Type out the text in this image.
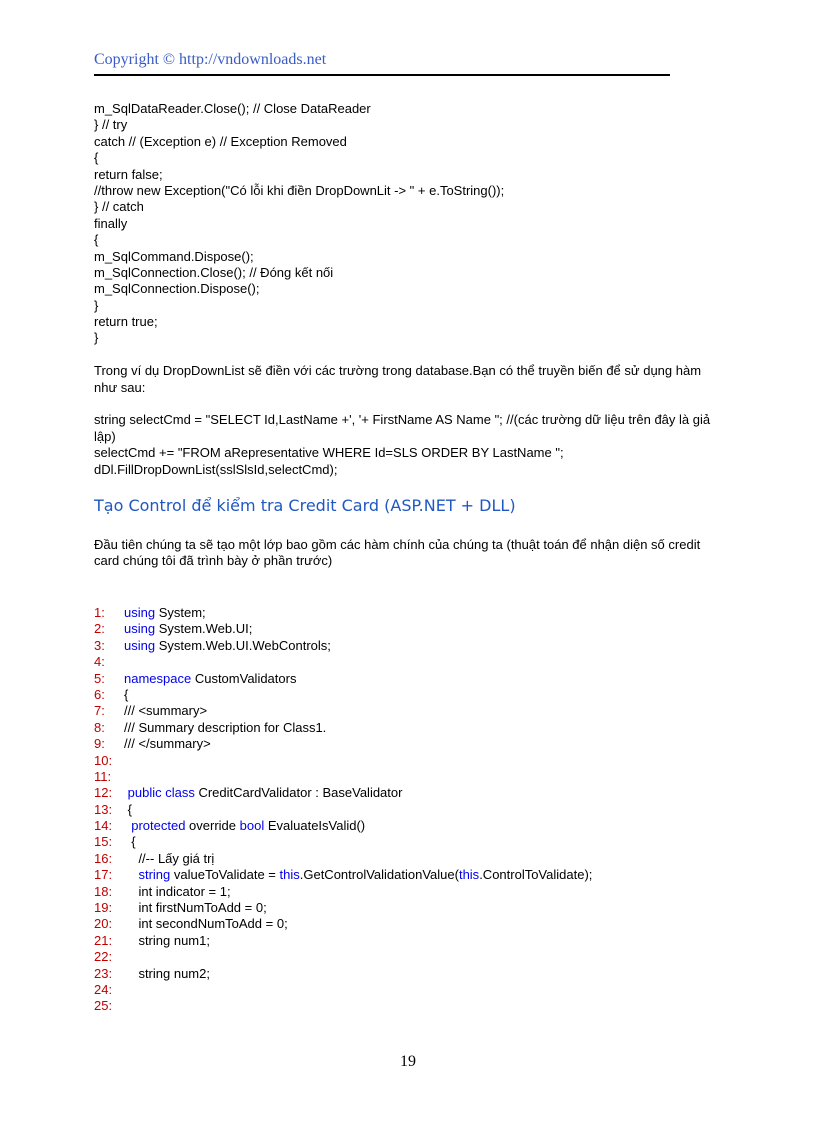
Copyright © http://vndownloads.net
m_SqlDataReader.Close(); // Close DataReader
} // try
catch // (Exception e) // Exception Removed
{
return false;
//throw new Exception("Có lỗi khi điền DropDownLit -> " + e.ToString());
} // catch
finally
{
m_SqlCommand.Dispose();
m_SqlConnection.Close(); // Đóng kết nối
m_SqlConnection.Dispose();
}
return true;
}

Trong ví dụ DropDownList sẽ điền với các trường trong database.Bạn có thể truyền biến để sử dụng hàm như sau:

string selectCmd = "SELECT Id,LastName +', '+ FirstName AS Name "; //(các trường dữ liệu trên đây là giả lập)

selectCmd += "FROM aRepresentative WHERE Id=SLS ORDER BY LastName ";
dDl.FillDropDownList(sslSlsId,selectCmd);
Tạo Control để kiểm tra Credit Card (ASP.NET + DLL)

Đầu tiên chúng ta sẽ tạo một lớp bao gồm các hàm chính của chúng ta (thuật toán để nhận diện số credit card chúng tôi đã trình bày ở phần trước)

1:

using System;

2:

using System.Web.UI;

3:

using System.Web.UI.WebControls;

4:

5:

namespace CustomValidators

6:

{

7:

/// <summary>

8:

/// Summary description for Class1.

9:

/// </summary>

10:

11:

12:

public class CreditCardValidator : BaseValidator

13:

{

14:

	protected override bool EvaluateIsValid()

15:

{

16:

//-- Lấy giá trị

17:

	string valueToValidate = this.GetControlValidationValue(this.ControlToValidate);

18:

int indicator = 1;

19:

int firstNumToAdd = 0;

20:

int secondNumToAdd = 0;

21:

string num1;

22:

23:

string num2;

24:

25:

19
